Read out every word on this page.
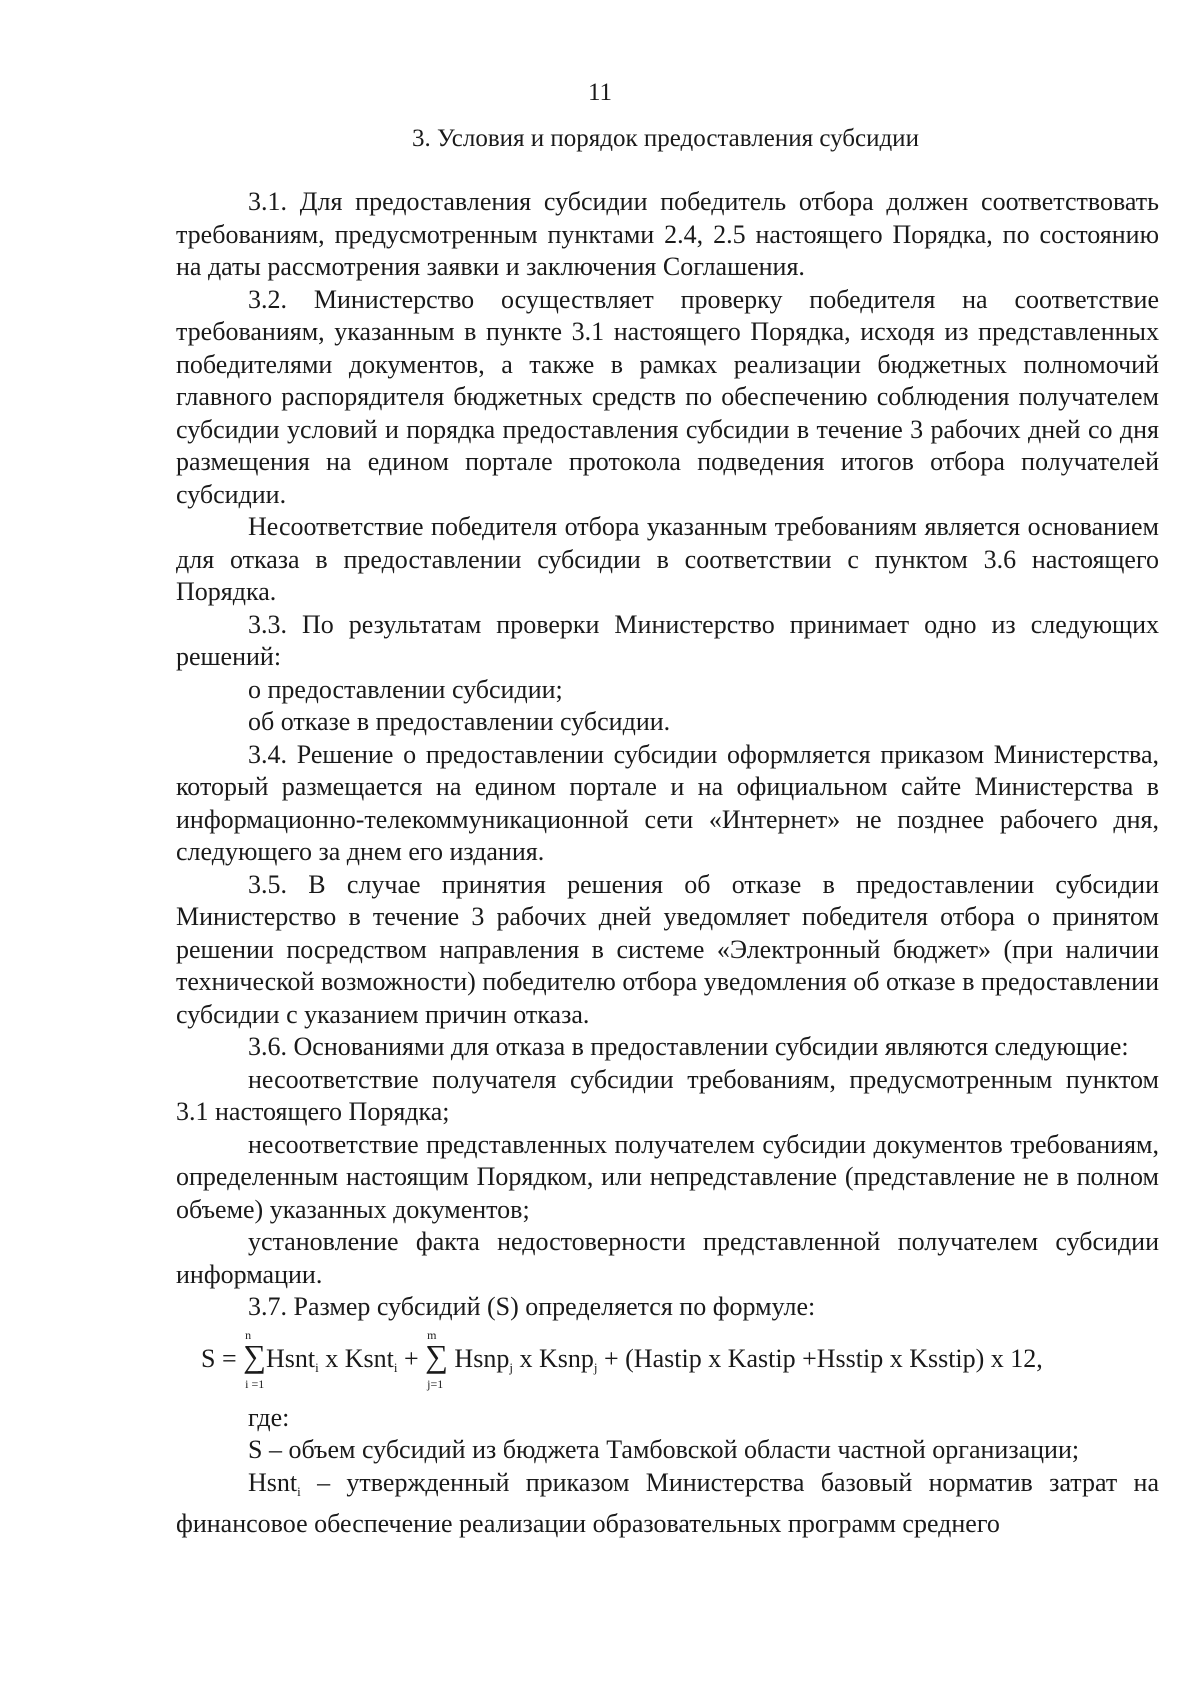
11
3. Условия и порядок предоставления субсидии

3.1. Для предоставления субсидии победитель отбора должен соответствовать требованиям, предусмотренным пунктами 2.4, 2.5 настоящего Порядка, по состоянию на даты рассмотрения заявки и заключения Соглашения.

3.2. Министерство осуществляет проверку победителя на соответствие требованиям, указанным в пункте 3.1 настоящего Порядка, исходя из представленных победителями документов, а также в рамках реализации бюджетных полномочий главного распорядителя бюджетных средств по обеспечению соблюдения получателем субсидии условий и порядка предоставления субсидии в течение 3 рабочих дней со дня размещения на едином портале протокола подведения итогов отбора получателей субсидии.

Несоответствие победителя отбора указанным требованиям является основанием для отказа в предоставлении субсидии в соответствии с пунктом 3.6 настоящего Порядка.

3.3. По результатам проверки Министерство принимает одно из следующих решений:

о предоставлении субсидии;

об отказе в предоставлении субсидии.

3.4. Решение о предоставлении субсидии оформляется приказом Министерства, который размещается на едином портале и на официальном сайте Министерства в информационно-телекоммуникационной сети «Интернет» не позднее рабочего дня, следующего за днем его издания.

3.5. В случае принятия решения об отказе в предоставлении субсидии Министерство в течение 3 рабочих дней уведомляет победителя отбора о принятом решении посредством направления в системе «Электронный бюджет» (при наличии технической возможности) победителю отбора уведомления об отказе в предоставлении субсидии с указанием причин отказа.

3.6. Основаниями для отказа в предоставлении субсидии являются следующие:

несоответствие получателя субсидии требованиям, предусмотренным пунктом 3.1 настоящего Порядка;

несоответствие представленных получателем субсидии документов требованиям, определенным настоящим Порядком, или непредставление (представление не в полном объеме) указанных документов;

установление факта недостоверности представленной получателем субсидии информации.

3.7. Размер субсидий (S) определяется по формуле:

S =
n
∑
i =1
Hsnt$_i$ x Ksnt$_i$ +
m
∑
j=1
Hsnp$_j$ x Ksnp$_j$ + (Hastip x Kastip +Hsstip x Ksstip) x 12,

где:

S – объем субсидий из бюджета Тамбовской области частной организации;

Hsnt$_i$ – утвержденный приказом Министерства базовый норматив затрат на финансовое обеспечение реализации образовательных программ среднего
